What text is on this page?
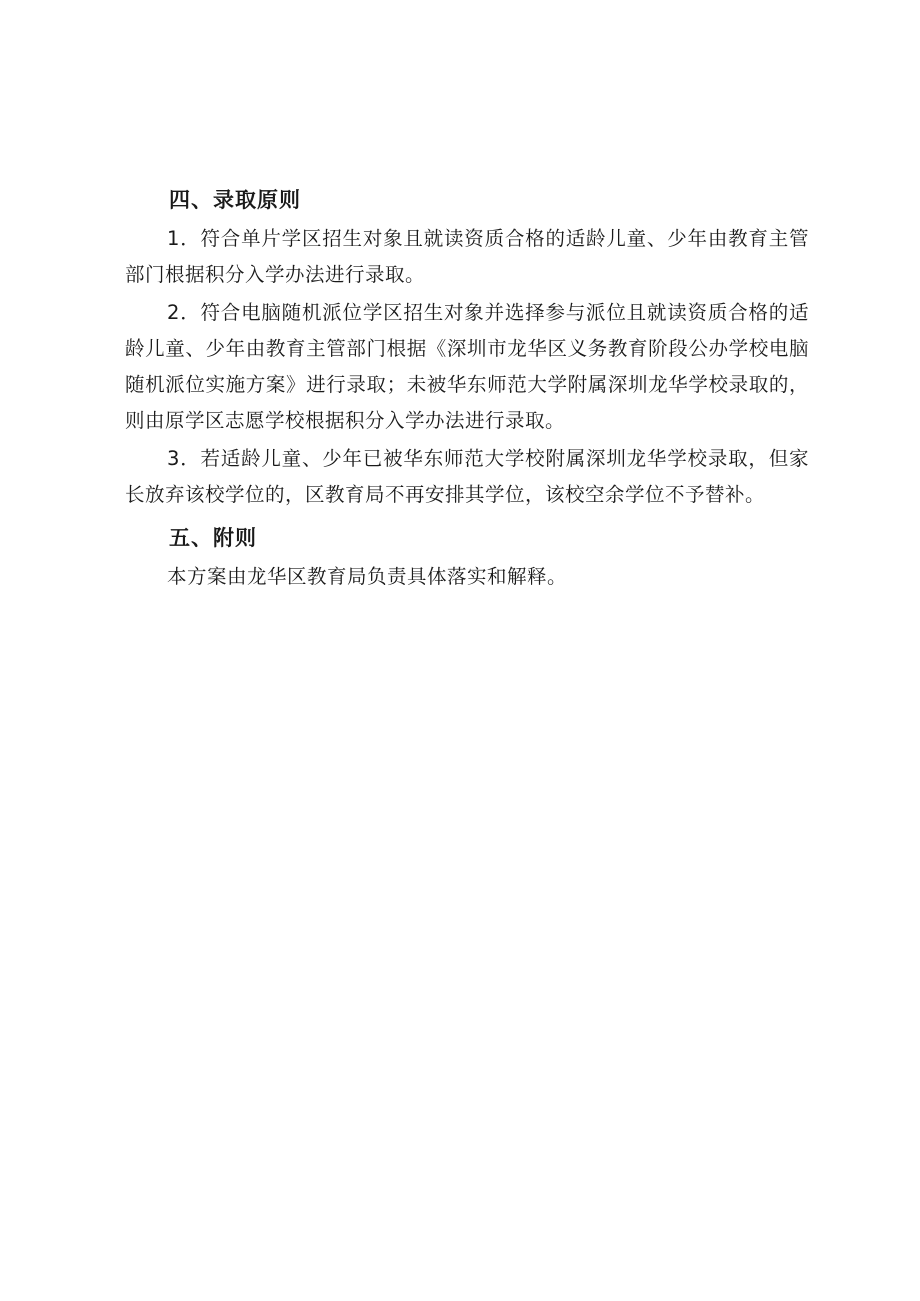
四、录取原则

1．符合单片学区招生对象且就读资质合格的适龄儿童、少年由教育主管部门根据积分入学办法进行录取。

2．符合电脑随机派位学区招生对象并选择参与派位且就读资质合格的适龄儿童、少年由教育主管部门根据《深圳市龙华区义务教育阶段公办学校电脑随机派位实施方案》进行录取；未被华东师范大学附属深圳龙华学校录取的，则由原学区志愿学校根据积分入学办法进行录取。

3．若适龄儿童、少年已被华东师范大学校附属深圳龙华学校录取，但家长放弃该校学位的，区教育局不再安排其学位，该校空余学位不予替补。

五、附则

本方案由龙华区教育局负责具体落实和解释。
